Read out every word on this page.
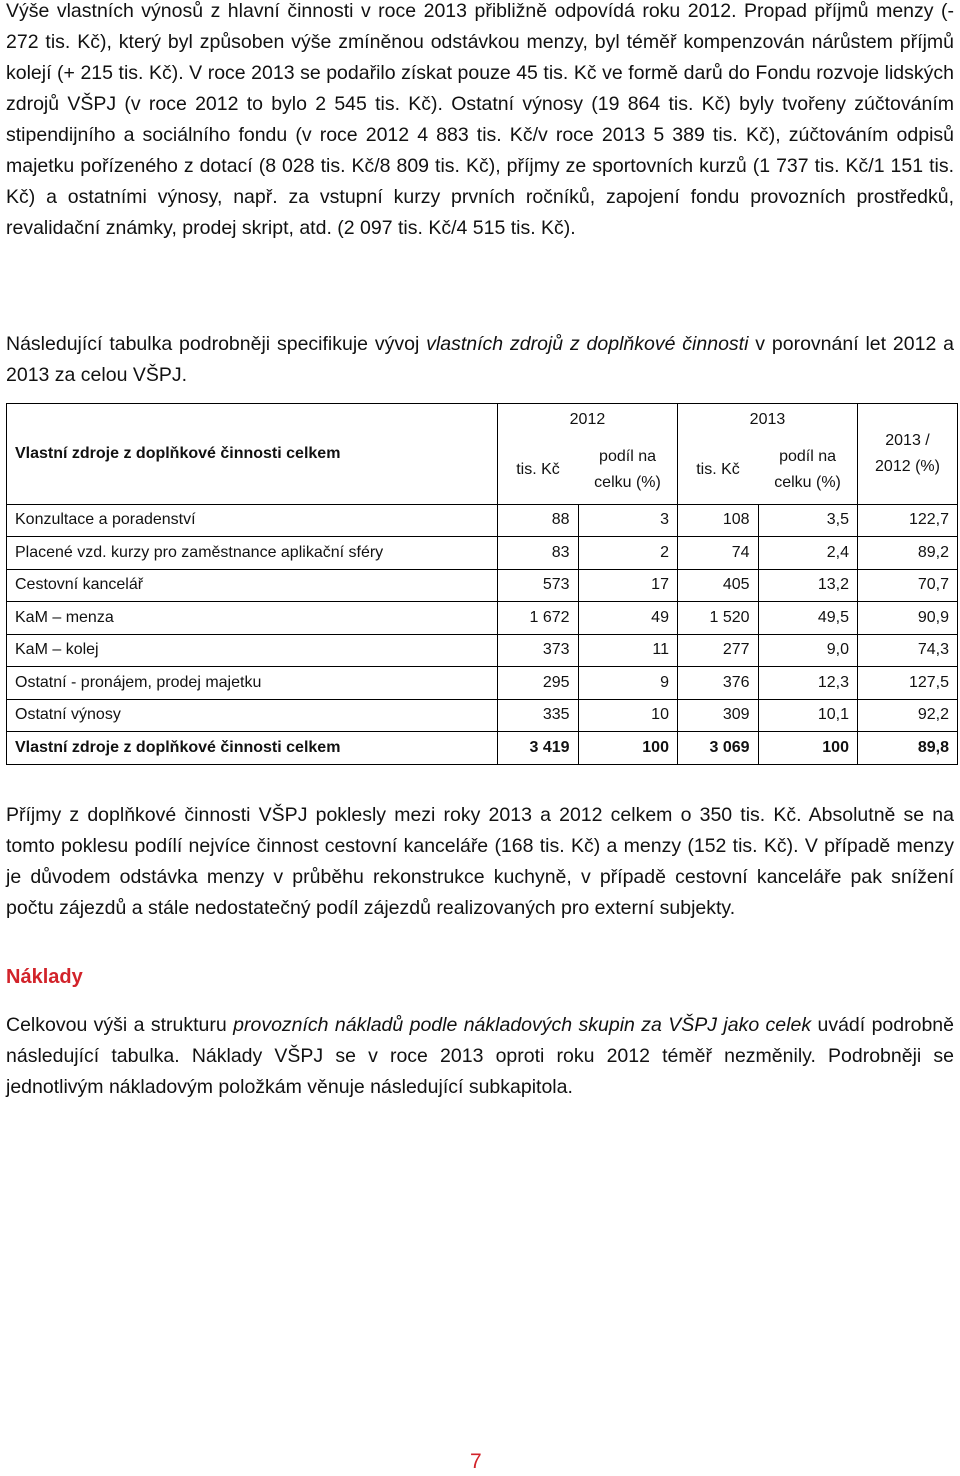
Výše vlastních výnosů z hlavní činnosti v roce 2013 přibližně odpovídá roku 2012. Propad příjmů menzy (- 272 tis. Kč), který byl způsoben výše zmíněnou odstávkou menzy, byl téměř kompenzován nárůstem příjmů kolejí (+ 215 tis. Kč). V roce 2013 se podařilo získat pouze 45 tis. Kč ve formě darů do Fondu rozvoje lidských zdrojů VŠPJ (v roce 2012 to bylo 2 545 tis. Kč). Ostatní výnosy (19 864 tis. Kč) byly tvořeny zúčtováním stipendijního a sociálního fondu (v roce 2012 4 883 tis. Kč/v roce 2013 5 389 tis. Kč), zúčtováním odpisů majetku pořízeného z dotací (8 028 tis. Kč/8 809 tis. Kč), příjmy ze sportovních kurzů (1 737 tis. Kč/1 151 tis. Kč) a ostatními výnosy, např. za vstupní kurzy prvních ročníků, zapojení fondu provozních prostředků, revalidační známky, prodej skript, atd. (2 097 tis. Kč/4 515 tis. Kč).

Následující tabulka podrobněji specifikuje vývoj vlastních zdrojů z doplňkové činnosti v porovnání let 2012 a 2013 za celou VŠPJ.

Vlastní zdroje z doplňkové činnosti celkem	2012		2013		2013 / 2012 (%)
	tis. Kč	podíl na celku (%)	tis. Kč	podíl na celku (%)	
Konzultace a poradenství	88	3	108	3,5	122,7
Placené vzd. kurzy pro zaměstnance aplikační sféry	83	2	74	2,4	89,2
Cestovní kancelář	573	17	405	13,2	70,7
KaM – menza	1 672	49	1 520	49,5	90,9
KaM – kolej	373	11	277	9,0	74,3
Ostatní - pronájem, prodej majetku	295	9	376	12,3	127,5
Ostatní výnosy	335	10	309	10,1	92,2
Vlastní zdroje z doplňkové činnosti celkem	3 419	100	3 069	100	89,8

Příjmy z doplňkové činnosti VŠPJ poklesly mezi roky 2013 a 2012 celkem o 350 tis. Kč. Absolutně se na tomto poklesu podílí nejvíce činnost cestovní kanceláře (168 tis. Kč) a menzy (152 tis. Kč). V případě menzy je důvodem odstávka menzy v průběhu rekonstrukce kuchyně, v případě cestovní kanceláře pak snížení počtu zájezdů a stále nedostatečný podíl zájezdů realizovaných pro externí subjekty.

Náklady

Celkovou výši a strukturu provozních nákladů podle nákladových skupin za VŠPJ jako celek uvádí podrobně následující tabulka. Náklady VŠPJ se v roce 2013 oproti roku 2012 téměř nezměnily. Podrobněji se jednotlivým nákladovým položkám věnuje následující subkapitola.

7
